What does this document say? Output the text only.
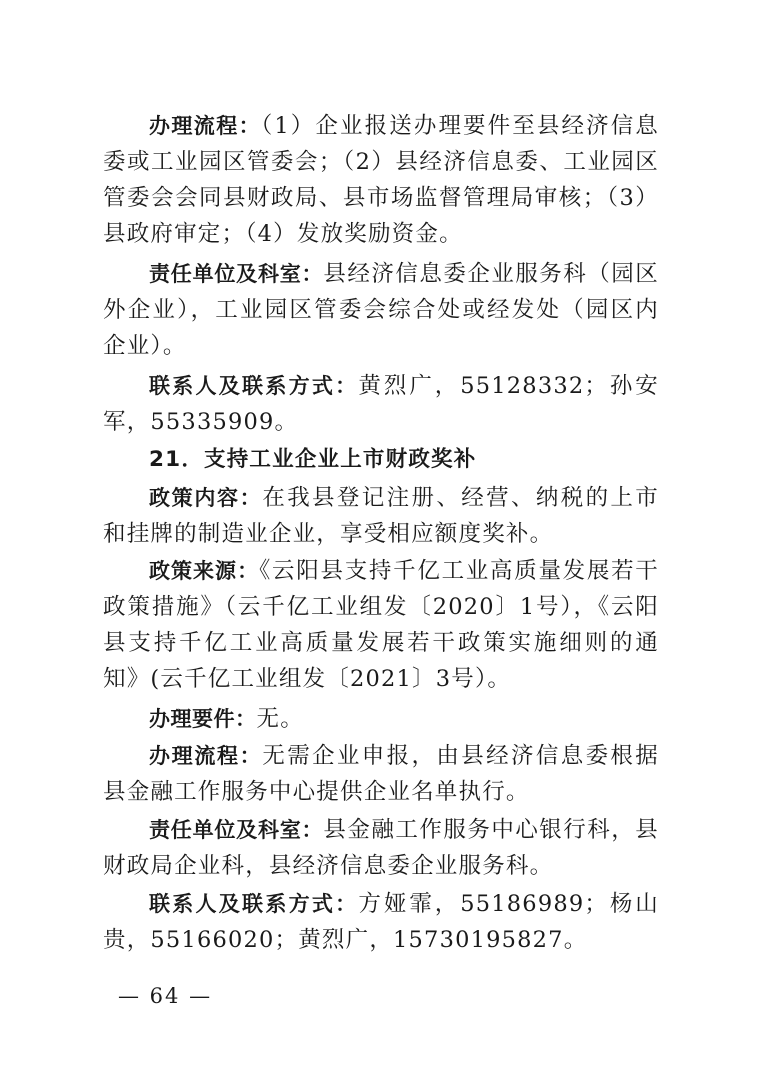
办理流程：（1）企业报送办理要件至县经济信息委或工业园区管委会；（2）县经济信息委、工业园区管委会会同县财政局、县市场监督管理局审核；（3）县政府审定；（4）发放奖励资金。

责任单位及科室：县经济信息委企业服务科（园区外企业），工业园区管委会综合处或经发处（园区内企业）。

联系人及联系方式：黄烈广，55128332；孙安军，55335909。

21．支持工业企业上市财政奖补

政策内容：在我县登记注册、经营、纳税的上市和挂牌的制造业企业，享受相应额度奖补。

政策来源：《云阳县支持千亿工业高质量发展若干政策措施》（云千亿工业组发〔2020〕1号），《云阳县支持千亿工业高质量发展若干政策实施细则的通知》(云千亿工业组发〔2021〕3号）。

办理要件：无。

办理流程：无需企业申报，由县经济信息委根据县金融工作服务中心提供企业名单执行。

责任单位及科室：县金融工作服务中心银行科，县财政局企业科，县经济信息委企业服务科。

联系人及联系方式：方娅霏，55186989；杨山贵，55166020；黄烈广，15730195827。

— 64 —
